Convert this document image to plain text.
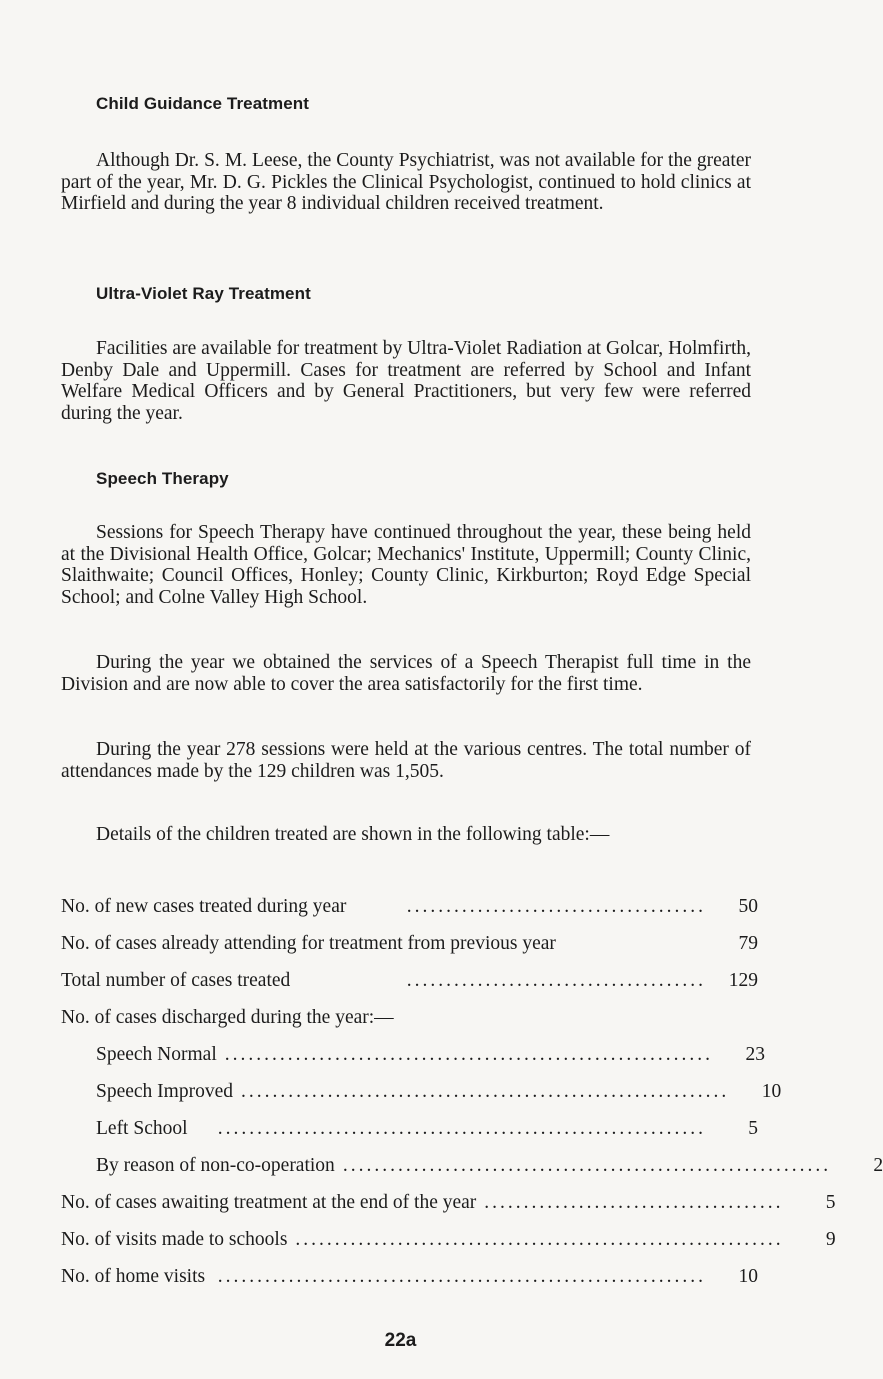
Child Guidance Treatment

Although Dr. S. M. Leese, the County Psychiatrist, was not available for the greater part of the year, Mr. D. G. Pickles the Clinical Psychologist, continued to hold clinics at Mirfield and during the year 8 individual children received treatment.

Ultra-Violet Ray Treatment

Facilities are available for treatment by Ultra-Violet Radiation at Golcar, Holmfirth, Denby Dale and Uppermill. Cases for treatment are referred by School and Infant Welfare Medical Officers and by General Practitioners, but very few were referred during the year.

Speech Therapy

Sessions for Speech Therapy have continued throughout the year, these being held at the Divisional Health Office, Golcar; Mechanics' Institute, Uppermill; County Clinic, Slaithwaite; Council Offices, Honley; County Clinic, Kirkburton; Royd Edge Special School; and Colne Valley High School.

During the year we obtained the services of a Speech Therapist full time in the Division and are now able to cover the area satisfactorily for the first time.

During the year 278 sessions were held at the various centres. The total number of attendances made by the 129 children was 1,505.

Details of the children treated are shown in the following table:—

No. of new cases treated during year	......................................	50
No. of cases already attending for treatment from previous year	79
Total number of cases treated	......................................	129
No. of cases discharged during the year:—
Speech Normal ..............................................................	23
Speech Improved ..............................................................	10
Left School	..............................................................	5
By reason of non-co-operation ..............................................................	2
No. of cases awaiting treatment at the end of the year ......................................	5
No. of visits made to schools ..............................................................	9
No. of home visits ..............................................................	10
22a
